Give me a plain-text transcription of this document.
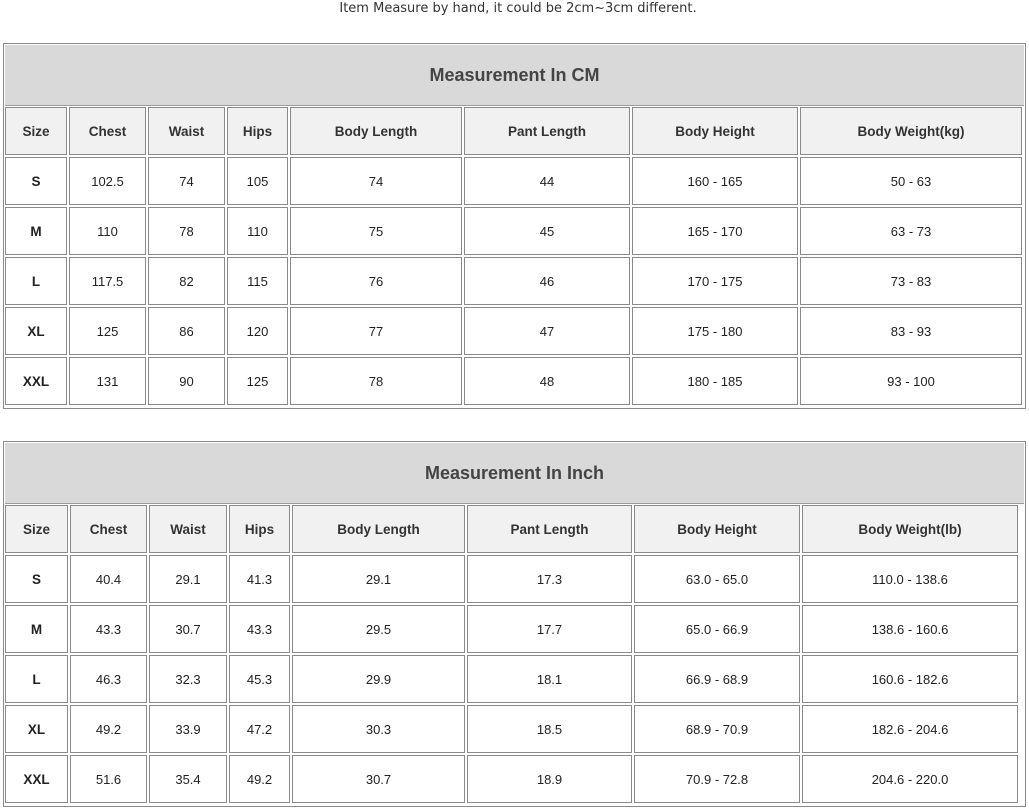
Item Measure by hand, it could be 2cm~3cm different.
Measurement In CM
Size	Chest	Waist	Hips	Body Length	Pant Length	Body Height	Body Weight(kg)
S	102.5	74	105	74	44	160 - 165	50 - 63
M	110	78	110	75	45	165 - 170	63 - 73
L	117.5	82	115	76	46	170 - 175	73 - 83
XL	125	86	120	77	47	175 - 180	83 - 93
XXL	131	90	125	78	48	180 - 185	93 - 100
Measurement In Inch
Size	Chest	Waist	Hips	Body Length	Pant Length	Body Height	Body Weight(lb)
S	40.4	29.1	41.3	29.1	17.3	63.0 - 65.0	110.0 - 138.6
M	43.3	30.7	43.3	29.5	17.7	65.0 - 66.9	138.6 - 160.6
L	46.3	32.3	45.3	29.9	18.1	66.9 - 68.9	160.6 - 182.6
XL	49.2	33.9	47.2	30.3	18.5	68.9 - 70.9	182.6 - 204.6
XXL	51.6	35.4	49.2	30.7	18.9	70.9 - 72.8	204.6 - 220.0
